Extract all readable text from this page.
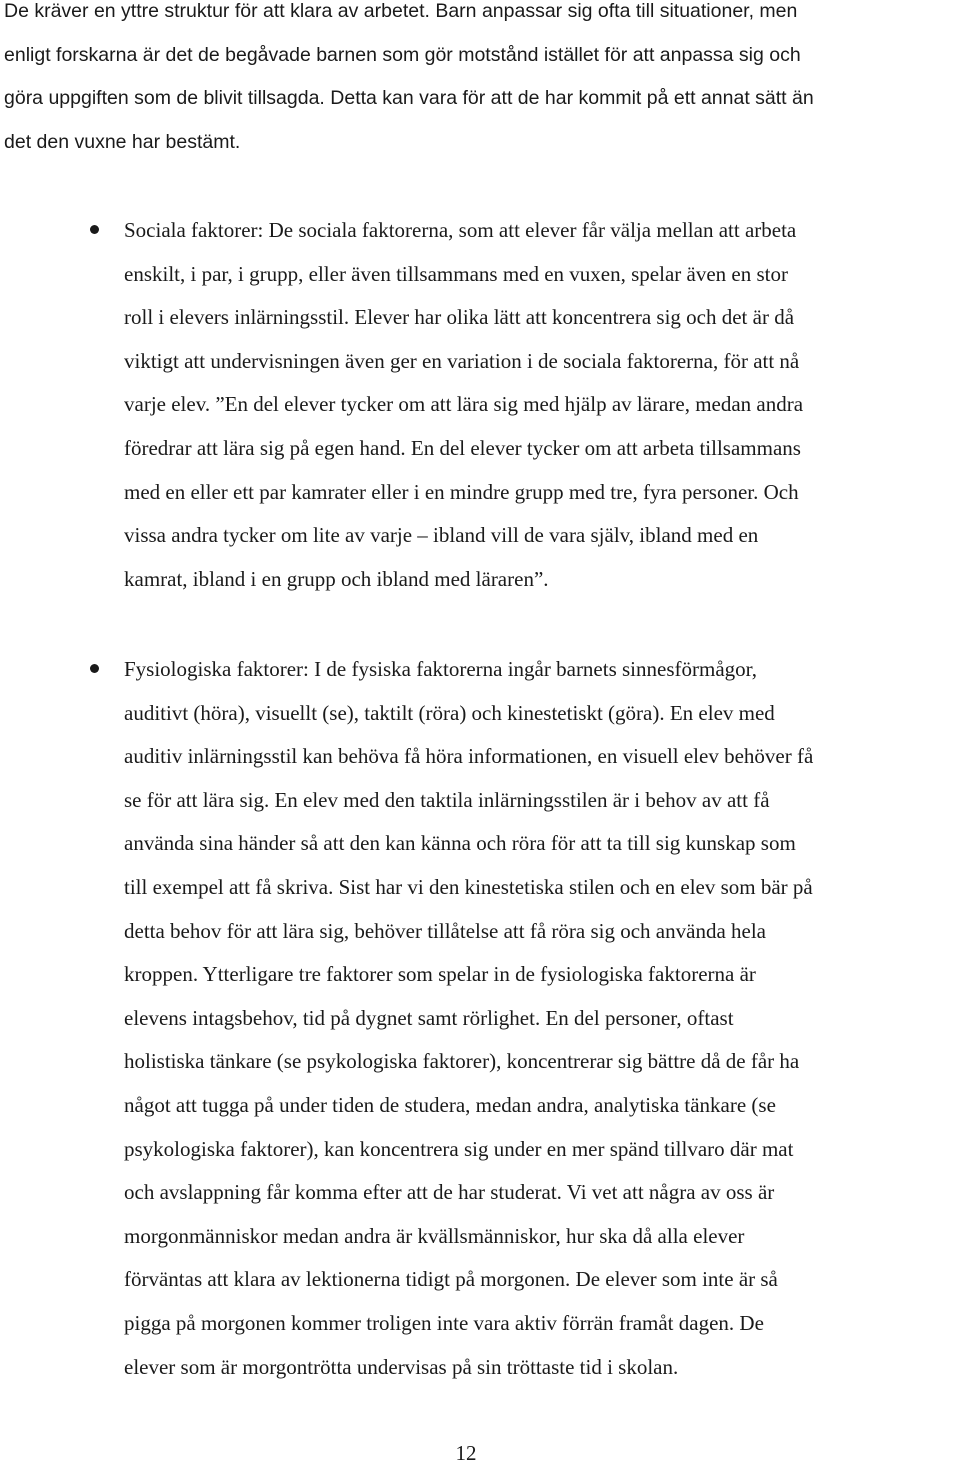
De kräver en yttre struktur för att klara av arbetet. Barn anpassar sig ofta till situationer, men
enligt forskarna är det de begåvade barnen som gör motstånd istället för att anpassa sig och
göra uppgiften som de blivit tillsagda. Detta kan vara för att de har kommit på ett annat sätt än
det den vuxne har bestämt.

Sociala faktorer: De sociala faktorerna, som att elever får välja mellan att arbeta
enskilt, i par, i grupp, eller även tillsammans med en vuxen, spelar även en stor
roll i elevers inlärningsstil. Elever har olika lätt att koncentrera sig och det är då
viktigt att undervisningen även ger en variation i de sociala faktorerna, för att nå
varje elev. ”En del elever tycker om att lära sig med hjälp av lärare, medan andra
föredrar att lära sig på egen hand. En del elever tycker om att arbeta tillsammans
med en eller ett par kamrater eller i en mindre grupp med tre, fyra personer. Och
vissa andra tycker om lite av varje – ibland vill de vara själv, ibland med en
kamrat, ibland i en grupp och ibland med läraren”.

Fysiologiska faktorer: I de fysiska faktorerna ingår barnets sinnesförmågor,
auditivt (höra), visuellt (se), taktilt (röra) och kinestetiskt (göra). En elev med
auditiv inlärningsstil kan behöva få höra informationen, en visuell elev behöver få
se för att lära sig. En elev med den taktila inlärningsstilen är i behov av att få
använda sina händer så att den kan känna och röra för att ta till sig kunskap som
till exempel att få skriva. Sist har vi den kinestetiska stilen och en elev som bär på
detta behov för att lära sig, behöver tillåtelse att få röra sig och använda hela
kroppen. Ytterligare tre faktorer som spelar in de fysiologiska faktorerna är
elevens intagsbehov, tid på dygnet samt rörlighet. En del personer, oftast
holistiska tänkare (se psykologiska faktorer), koncentrerar sig bättre då de får ha
något att tugga på under tiden de studera, medan andra, analytiska tänkare (se
psykologiska faktorer), kan koncentrera sig under en mer spänd tillvaro där mat
och avslappning får komma efter att de har studerat. Vi vet att några av oss är
morgonmänniskor medan andra är kvällsmänniskor, hur ska då alla elever
förväntas att klara av lektionerna tidigt på morgonen. De elever som inte är så
pigga på morgonen kommer troligen inte vara aktiv förrän framåt dagen. De
elever som är morgontrötta undervisas på sin tröttaste tid i skolan.

12
